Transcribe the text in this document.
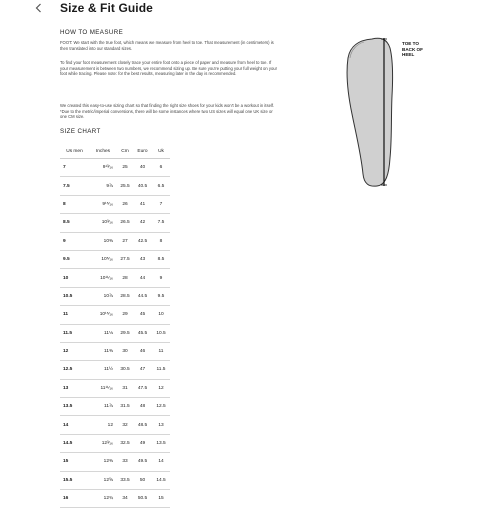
Size & Fit Guide
HOW TO MEASURE
FOOT: We start with the true foot, which means we measure from heel to toe. That measurement (in centimeters) is then translated into our standard sizes.
To find your foot measurement closely trace your entire foot onto a piece of paper and measure from heel to toe. If your measurement is between two numbers, we recommend sizing up. Be sure you're putting your full weight on your foot while tracing. Please note: for the best results, measuring later in the day is recommended.
We created this easy-to-use sizing chart so that finding the right size shoes for your kids won't be a workout in itself. *Due to the metric/imperial conversions, there will be some instances where two US sizes will equal one UK size or one CM size.
SIZE CHART
Us men	Inches	Cm	Euro	Uk
7	9¹³⁄₁₆	25	40	6
7.5	9⅞	25.5	40.5	6.5
8	9¹⁵⁄₁₆	26	41	7
8.5	10³⁄₁₆	26.5	42	7.5
9	10⅜	27	42.5	8
9.5	10⁵⁄₁₆	27.5	43	8.5
10	10¹¹⁄₁₆	28	44	9
10.5	10⅞	28.5	44.5	9.5
11	10¹⁵⁄₁₆	29	45	10
11.5	11⅛	29.5	45.5	10.5
12	11⅜	30	46	11
12.5	11½	30.5	47	11.5
13	11¹¹⁄₁₆	31	47.5	12
13.5	11⅞	31.5	48	12.5
14	12	32	48.5	13
14.5	12³⁄₁₆	32.5	49	13.5
15	12⅜	33	49.5	14
15.5	12⅝	33.5	50	14.5
16	12¾	34	50.5	15
TOE TO
BACK OF
HEEL
